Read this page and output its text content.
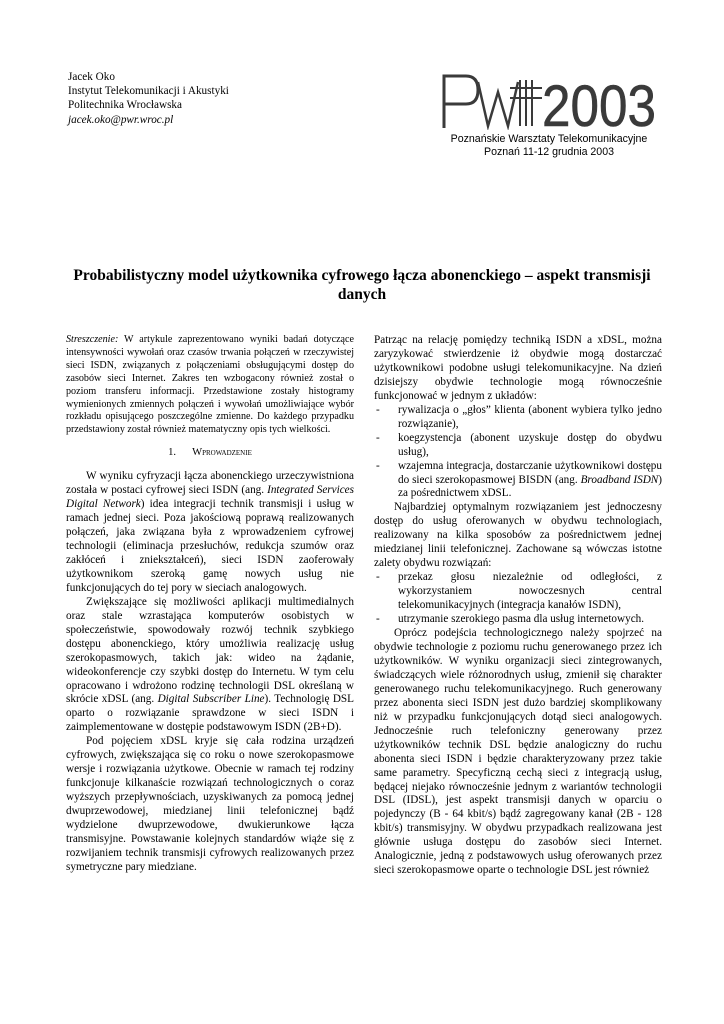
Jacek Oko
Instytut Telekomunikacji i Akustyki
Politechnika Wrocławska
jacek.oko@pwr.wroc.pl	2003
Poznańskie Warsztaty Telekomunikacyjne
Poznań 11-12 grudnia 2003
Probabilistyczny model użytkownika cyfrowego łącza abonenckiego – aspekt transmisji danych

Streszczenie: W artykule zaprezentowano wyniki badań dotyczące intensywności wywołań oraz czasów trwania połączeń w rzeczywistej sieci ISDN, związanych z połączeniami obsługującymi dostęp do zasobów sieci Internet. Zakres ten wzbogacony również został o poziom transferu informacji. Przedstawione zostały histogramy wymienionych zmiennych połączeń i wywołań umożliwiające wybór rozkładu opisującego poszczególne zmienne. Do każdego przypadku przedstawiony został również matematyczny opis tych wielkości.

1. Wprowadzenie

W wyniku cyfryzacji łącza abonenckiego urzeczywistniona została w postaci cyfrowej sieci ISDN (ang. Integrated Services Digital Network) idea integracji technik transmisji i usług w ramach jednej sieci. Poza jakościową poprawą realizowanych połączeń, jaka związana była z wprowadzeniem cyfrowej technologii (eliminacja przesłuchów, redukcja szumów oraz zakłóceń i zniekształceń), sieci ISDN zaoferowały użytkownikom szeroką gamę nowych usług nie funkcjonujących do tej pory w sieciach analogowych.

Zwiększające się możliwości aplikacji multimedialnych oraz stale wzrastająca komputerów osobistych w społeczeństwie, spowodowały rozwój technik szybkiego dostępu abonenckiego, który umożliwia realizację usług szerokopasmowych, takich jak: wideo na żądanie, wideokonferencje czy szybki dostęp do Internetu. W tym celu opracowano i wdrożono rodzinę technologii DSL określaną w skrócie xDSL (ang. Digital Subscriber Line). Technologię DSL oparto o rozwiązanie sprawdzone w sieci ISDN i zaimplementowane w dostępie podstawowym ISDN (2B+D).

Pod pojęciem xDSL kryje się cała rodzina urządzeń cyfrowych, zwiększająca się co roku o nowe szerokopasmowe wersje i rozwiązania użytkowe. Obecnie w ramach tej rodziny funkcjonuje kilkanaście rozwiązań technologicznych o coraz wyższych przepływnościach, uzyskiwanych za pomocą jednej dwuprzewodowej, miedzianej linii telefonicznej bądź wydzielone dwuprzewodowe, dwukierunkowe łącza transmisyjne. Powstawanie kolejnych standardów wiąże się z rozwijaniem technik transmisji cyfrowych realizowanych przez symetryczne pary miedziane.

Patrząc na relację pomiędzy techniką ISDN a xDSL, można zaryzykować stwierdzenie iż obydwie mogą dostarczać użytkownikowi podobne usługi telekomunikacyjne. Na dzień dzisiejszy obydwie technologie mogą równocześnie funkcjonować w jednym z układów:

- rywalizacja o „głos” klienta (abonent wybiera tylko jedno rozwiązanie),
- koegzystencja (abonent uzyskuje dostęp do obydwu usług),
- wzajemna integracja, dostarczanie użytkownikowi dostępu do sieci szerokopasmowej BISDN (ang. Broadband ISDN) za pośrednictwem xDSL.

Najbardziej optymalnym rozwiązaniem jest jednoczesny dostęp do usług oferowanych w obydwu technologiach, realizowany na kilka sposobów za pośrednictwem jednej miedzianej linii telefonicznej. Zachowane są wówczas istotne zalety obydwu rozwiązań:

- przekaz głosu niezależnie od odległości, z wykorzystaniem nowoczesnych central telekomunikacyjnych (integracja kanałów ISDN),
- utrzymanie szerokiego pasma dla usług internetowych.

Oprócz podejścia technologicznego należy spojrzeć na obydwie technologie z poziomu ruchu generowanego przez ich użytkowników. W wyniku organizacji sieci zintegrowanych, świadczących wiele różnorodnych usług, zmienił się charakter generowanego ruchu telekomunikacyjnego. Ruch generowany przez abonenta sieci ISDN jest dużo bardziej skomplikowany niż w przypadku funkcjonujących dotąd sieci analogowych. Jednocześnie ruch telefoniczny generowany przez użytkowników technik DSL będzie analogiczny do ruchu abonenta sieci ISDN i będzie charakteryzowany przez takie same parametry. Specyficzną cechą sieci z integracją usług, będącej niejako równocześnie jednym z wariantów technologii DSL (IDSL), jest aspekt transmisji danych w oparciu o pojedynczy (B - 64 kbit/s) bądź zagregowany kanał (2B - 128 kbit/s) transmisyjny. W obydwu przypadkach realizowana jest głównie usługa dostępu do zasobów sieci Internet. Analogicznie, jedną z podstawowych usług oferowanych przez sieci szerokopasmowe oparte o technologie DSL jest również
